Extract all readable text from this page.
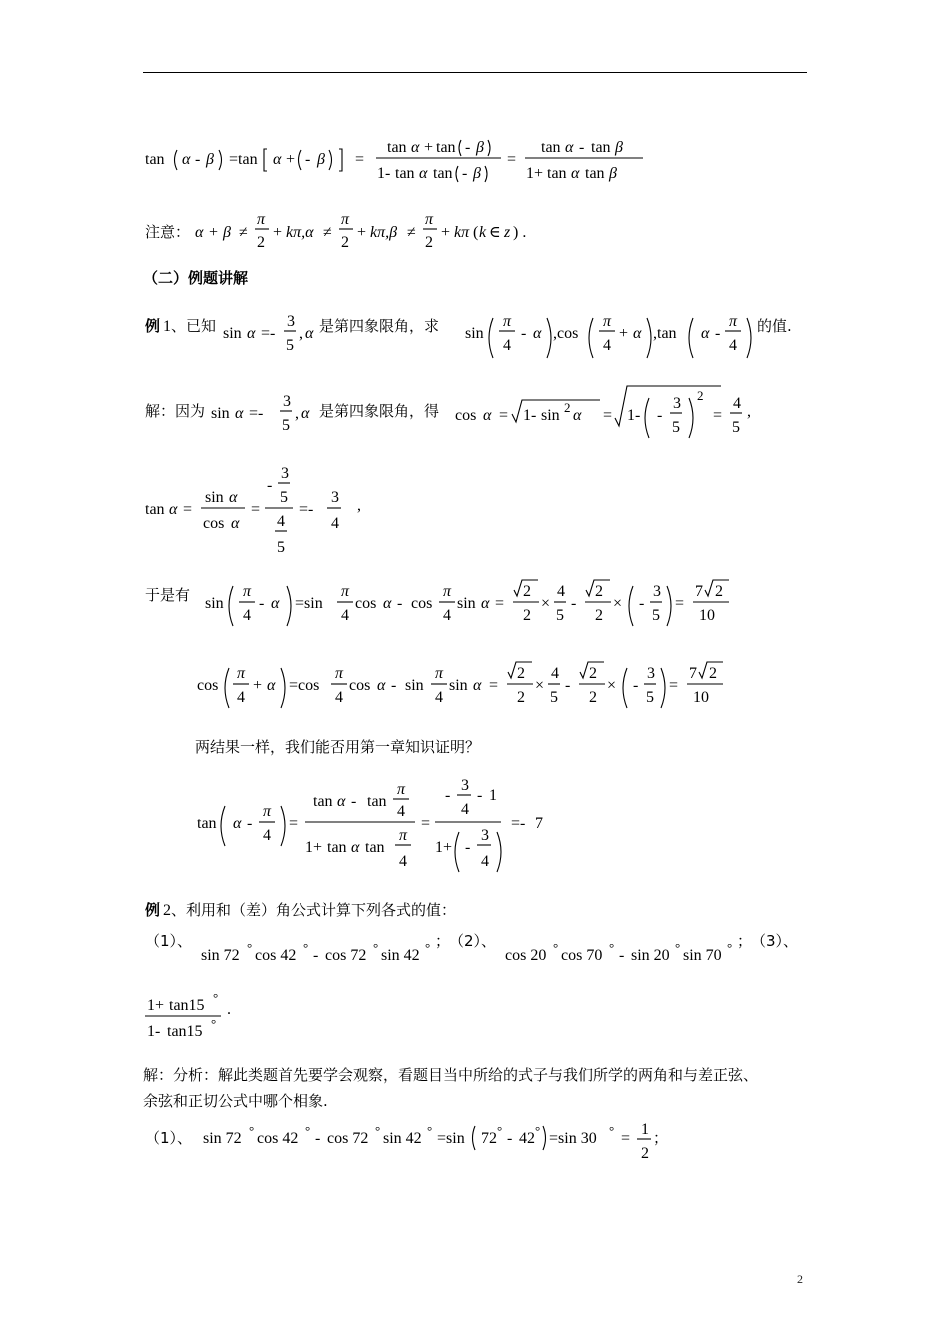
tan α - β =tan α + - β =
tan α + tan - β
1- tan α tan - β
=
tan α - tan β
1+ tan α tan β
注意： α + β ≠
π
2
+ kπ,α ≠
π
2
+ kπ,β ≠
π
2
+ kπ ( k ∈ z ) .
（二）例题讲解
例 1 、已知 sin α =-
3
5
, α 是第四象限角，求 sin
π
4
- α ,cos
π
4
+ α ,tan α -
π
4
的值.
解：因为 sin α =-
3
5
, α 是第四象限角，得 cos α = 1- sin 2 α = 1- -
3
5
2
=
4
5
,
tan α =
sin α
cos α
=
-
3
5
4
5
=-
3
4
,
于是有 sin
π
4
- α =sin
π
4
cos α - cos
π
4
sin α =
2
2
×
4
5
-
2
2
× -
3
5
=
7 2
10
cos
π
4
+ α =cos
π
4
cos α - sin
π
4
sin α =
2
2
×
4
5
-
2
2
× -
3
5
=
7 2
10
两结果一样，我们能否用第一章知识证明？
tan α -
π
4
=
tan α - tan
π
4
1+ tan α tan
π
4
=
-
3
4
- 1
1+ -
3
4
=- 7
例 2 、利用和（差）角公式计算下列各式的值：
（1）、
sin 72 ° cos 42 ° - cos 72 ° sin 42 ° ；
（2）、
cos 20 ° cos 70 ° - sin 20 ° sin 70 ° ；
（3）、
1+ tan15 °
1- tan15 °
.
解：分析：解此类题首先要学会观察，看题目当中所给的式子与我们所学的两角和与差正弦、
余弦和正切公式中哪个相象.
（1）、 sin 72 ° cos 42 ° - cos 72 ° sin 42 ° =sin 72 ° - 42 ° =sin 30 ° =
1
2
；
2
